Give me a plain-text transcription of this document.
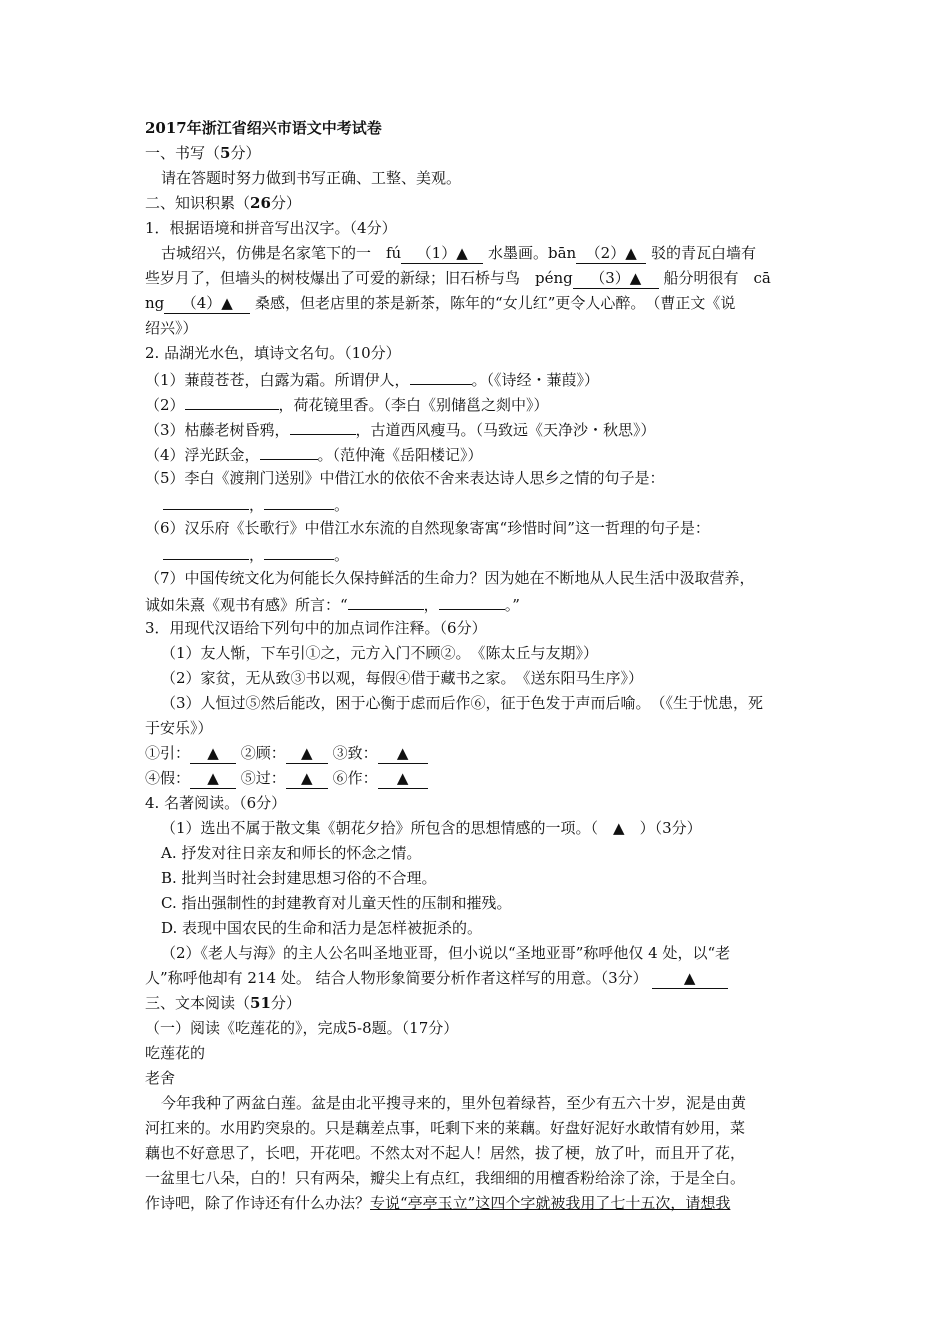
2017年浙江省绍兴市语文中考试卷
一、书写（5分）
请在答题时努力做到书写正确、工整、美观。
二、知识积累（26分）
1．根据语境和拼音写出汉字。（4分）
古城绍兴，仿佛是名家笔下的一　fú （1）▲ 水墨画。bān （2）▲ 驳的青瓦白墙有
些岁月了，但墙头的树枝爆出了可爱的新绿；旧石桥与鸟　péng （3）▲ 船分明很有　cā
ng （4）▲ 桑感，但老店里的茶是新茶，陈年的“女儿红”更令人心醉。　（曹正文《说
绍兴》）
2. 品湖光水色，填诗文名句。（10分）
（1）蒹葭苍苍，白露为霜。所谓伊人，	。（《诗经・蒹葭》）
（2）	，荷花镜里香。（李白《别储邕之剡中》）
（3）枯藤老树昏鸦，	，古道西风瘦马。（马致远《天净沙・秋思》）
（4）浮光跃金，	。（范仲淹《岳阳楼记》）
（5）李白《渡荆门送别》中借江水的依依不舍来表达诗人思乡之情的句子是：
，	。
（6）汉乐府《长歌行》中借江水东流的自然现象寄寓“珍惜时间”这一哲理的句子是：
，	。
（7）中国传统文化为何能长久保持鲜活的生命力？因为她在不断地从人民生活中汲取营养，
诚如朱熹《观书有感》所言：“	，	。”
3．用现代汉语给下列句中的加点词作注释。（6分）
（1）友人惭，下车引①之，元方入门不顾②。　《陈太丘与友期》）
（2）家贫，无从致③书以观，每假④借于藏书之家。　《送东阳马生序》）
（3）人恒过⑤然后能改，困于心衡于虑而后作⑥，征于色发于声而后喻。　（《生于忧患，死
于安乐》）
①引： ▲ ②顾： ▲ ③致： ▲
④假： ▲ ⑤过： ▲ ⑥作： ▲
4. 名著阅读。（6分）
（1）选出不属于散文集《朝花夕拾》所包含的思想情感的一项。（　▲　）（3分）
A. 抒发对往日亲友和师长的怀念之情。
B. 批判当时社会封建思想习俗的不合理。
C. 指出强制性的封建教育对儿童天性的压制和摧残。
D. 表现中国农民的生命和活力是怎样被扼杀的。
（2）《老人与海》的主人公名叫圣地亚哥，但小说以“圣地亚哥”称呼他仅 4 处，以“老
人”称呼他却有 214 处。 结合人物形象简要分析作者这样写的用意。（3分） ▲
三、文本阅读（51分）
（一）阅读《吃莲花的》，完成5-8题。（17分）
吃莲花的
老舍
今年我种了两盆白莲。盆是由北平搜寻来的，里外包着绿苔，至少有五六十岁，泥是由黄
河扛来的。水用趵突泉的。只是藕差点事，吒剩下来的莱藕。好盘好泥好水敢情有妙用，菜
藕也不好意思了，长吧，开花吧。不然太对不起人！居然，拔了梗，放了叶，而且开了花，
一盆里七八朵，白的！只有两朵，瓣尖上有点红，我细细的用檀香粉给涂了涂，于是全白。
作诗吧，除了作诗还有什么办法？专说“亭亭玉立”这四个字就被我用了七十五次，请想我
